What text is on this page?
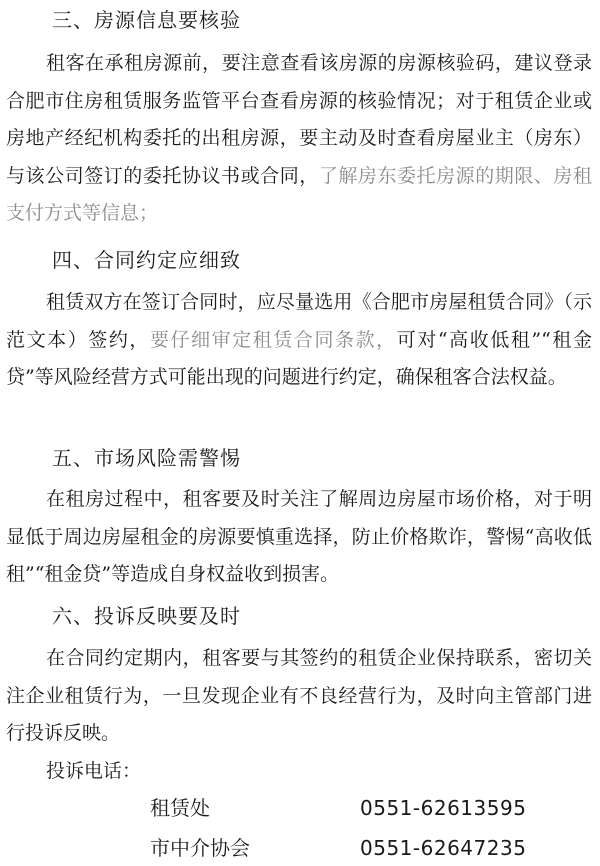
三、房源信息要核验

租客在承租房源前，要注意查看该房源的房源核验码，建议登录合肥市住房租赁服务监管平台查看房源的核验情况；对于租赁企业或房地产经纪机构委托的出租房源，要主动及时查看房屋业主（房东）与该公司签订的委托协议书或合同，了解房东委托房源的期限、房租支付方式等信息；

四、合同约定应细致

租赁双方在签订合同时，应尽量选用《合肥市房屋租赁合同》（示范文本）签约，要仔细审定租赁合同条款，可对“高收低租”“租金贷”等风险经营方式可能出现的问题进行约定，确保租客合法权益。

五、市场风险需警惕

在租房过程中，租客要及时关注了解周边房屋市场价格，对于明显低于周边房屋租金的房源要慎重选择，防止价格欺诈，警惕“高收低租”“租金贷”等造成自身权益收到损害。

六、投诉反映要及时

在合同约定期内，租客要与其签约的租赁企业保持联系，密切关注企业租赁行为，一旦发现企业有不良经营行为，及时向主管部门进行投诉反映。

投诉电话：
租赁处	0551-62613595
市中介协会	0551-62647235
